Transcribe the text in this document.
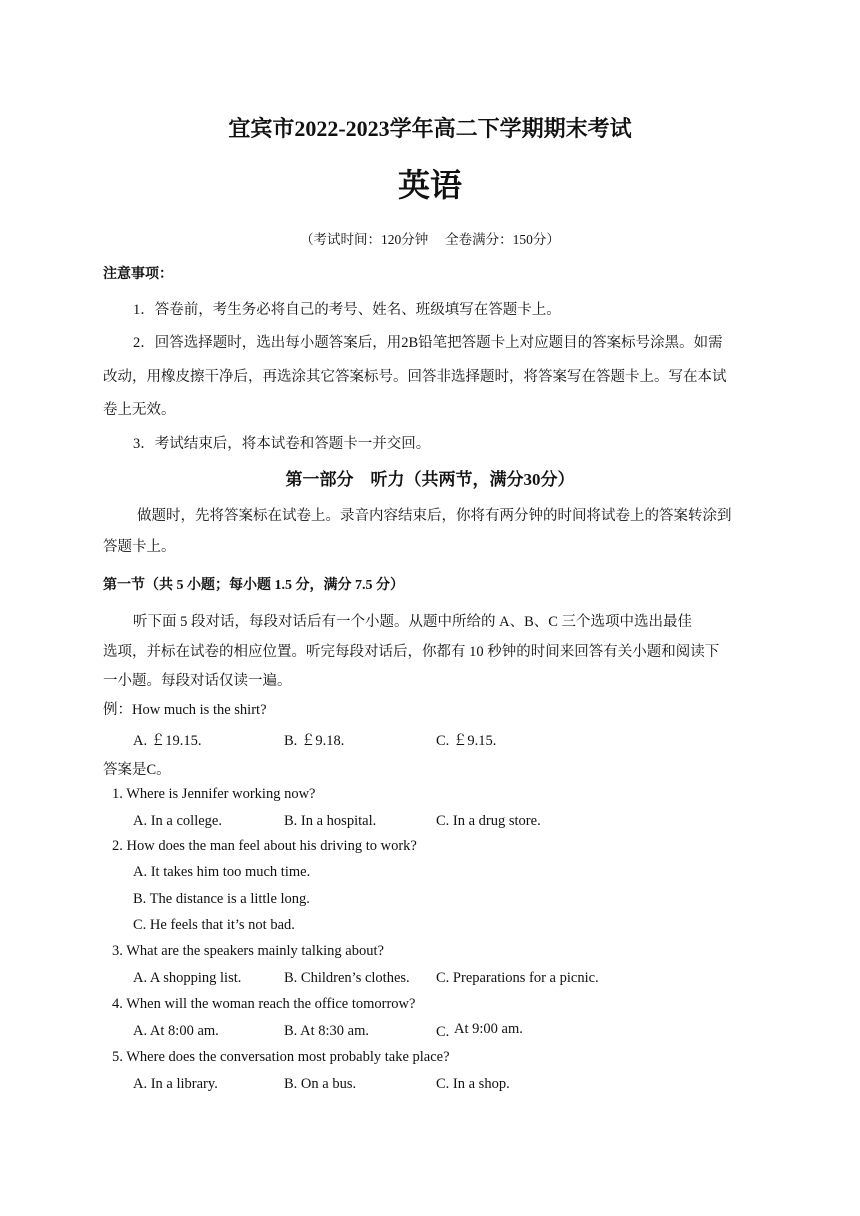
宜宾市2022-2023学年高二下学期期末考试
英语
（考试时间：120分钟　 全卷满分：150分）
注意事项：
1．答卷前，考生务必将自己的考号、姓名、班级填写在答题卡上。
2．回答选择题时，选出每小题答案后，用2B铅笔把答题卡上对应题目的答案标号涂黑。如需
改动，用橡皮擦干净后，再选涂其它答案标号。回答非选择题时，将答案写在答题卡上。写在本试
卷上无效。
3．考试结束后，将本试卷和答题卡一并交回。
第一部分　听力（共两节，满分30分）
做题时，先将答案标在试卷上。录音内容结束后，你将有两分钟的时间将试卷上的答案转涂到
答题卡上。
第一节（共 5 小题；每小题 1.5 分，满分 7.5 分）
听下面 5 段对话，每段对话后有一个小题。从题中所给的 A、B、C 三个选项中选出最佳
选项，并标在试卷的相应位置。听完每段对话后，你都有 10 秒钟的时间来回答有关小题和阅读下
一小题。每段对话仅读一遍。
例：How much is the shirt?
A. ￡19.15.	B. ￡9.18.	C. ￡9.15.
答案是C。
1. Where is Jennifer working now?
A. In a college.	B. In a hospital.	C. In a drug store.
2. How does the man feel about his driving to work?
A. It takes him too much time.
B. The distance is a little long.
C. He feels that it’s not bad.
3. What are the speakers mainly talking about?
A. A shopping list.	B. Children’s clothes. C. Preparations for a picnic.
4. When will the woman reach the office tomorrow?
A. At 8:00 am.	B. At 8:30 am.	C. At 9:00 am.
5. Where does the conversation most probably take place?
A. In a library.	B. On a bus.	C. In a shop.
